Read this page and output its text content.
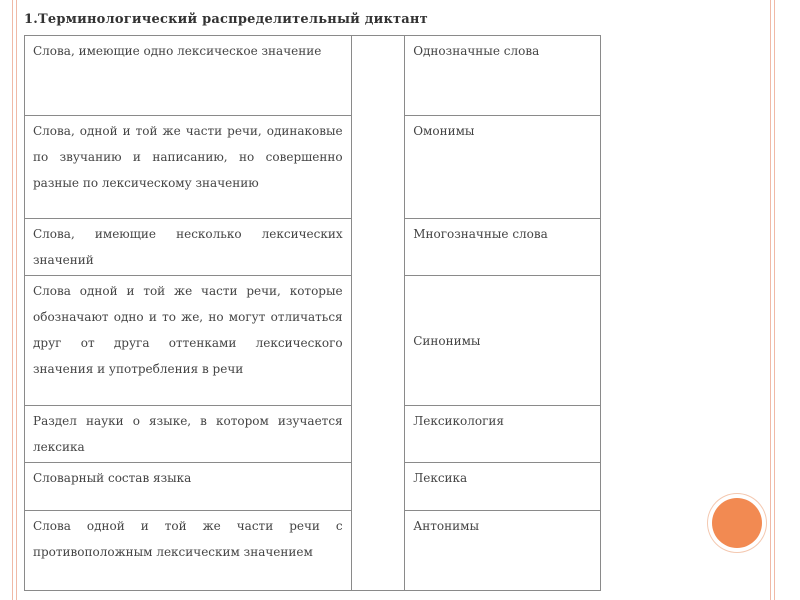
1.Терминологический распределительный диктант
Слова, имеющие одно лексическое значение		Однозначные слова
Слова, одной и той же части речи, одинаковые по звучанию и написанию, но совершенно разные по лексическому значению		Омонимы
Слова, имеющие несколько лексических значений		Многозначные слова
Слова одной и той же части речи, которые обозначают одно и то же, но могут отличаться друг от друга оттенками лексического значения и употребления в речи		Синонимы
Раздел науки о языке, в котором изучается лексика		Лексикология
Словарный состав языка		Лексика
Слова одной и той же части речи с противоположным лексическим значением		Антонимы
